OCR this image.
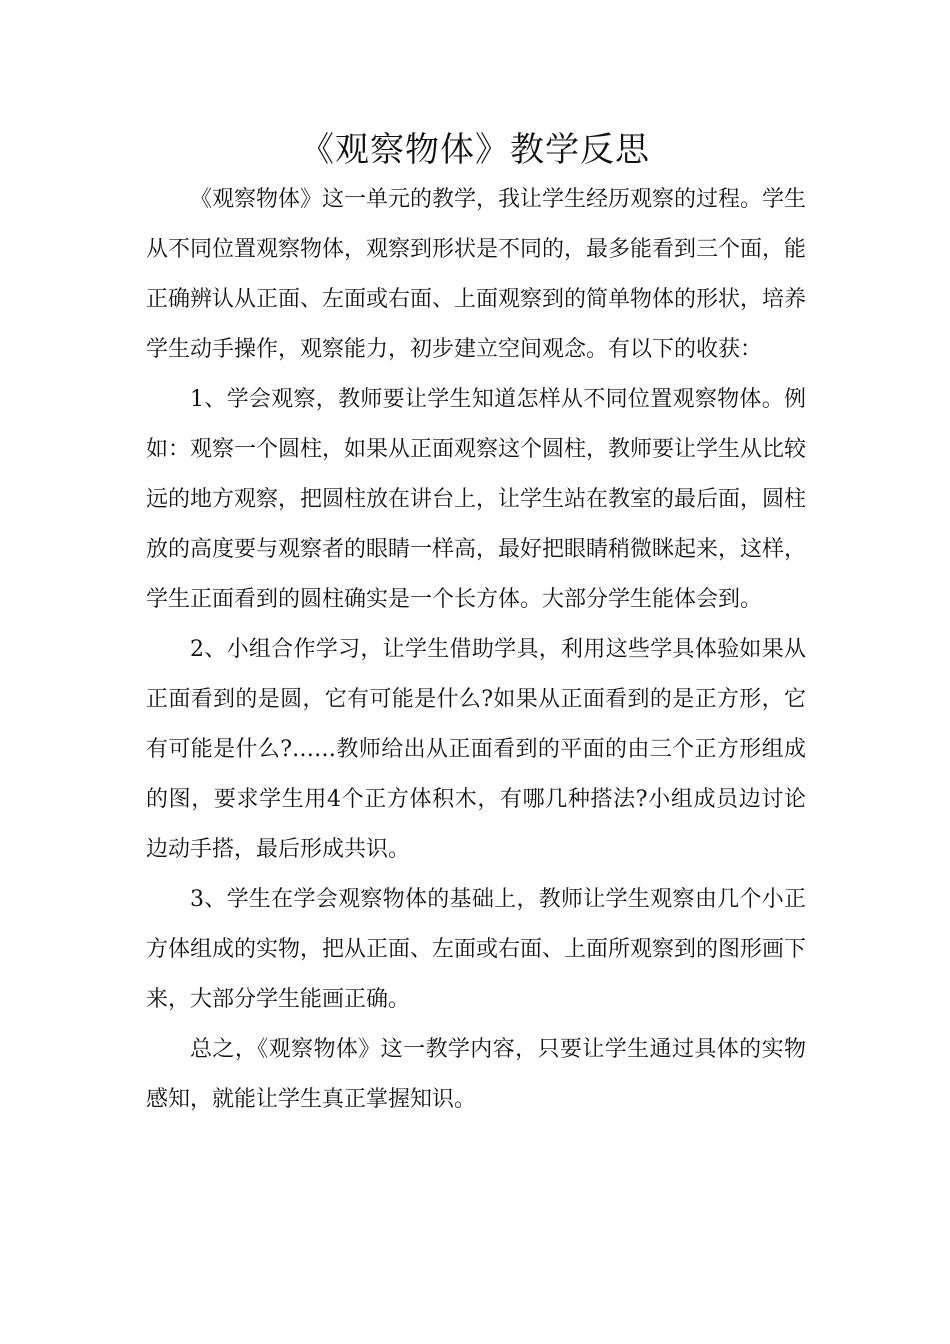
《观察物体》教学反思

《观察物体》这一单元的教学，我让学生经历观察的过程。学生从不同位置观察物体，观察到形状是不同的，最多能看到三个面，能正确辨认从正面、左面或右面、上面观察到的简单物体的形状，培养学生动手操作，观察能力，初步建立空间观念。有以下的收获：

1、学会观察，教师要让学生知道怎样从不同位置观察物体。例如：观察一个圆柱，如果从正面观察这个圆柱，教师要让学生从比较远的地方观察，把圆柱放在讲台上，让学生站在教室的最后面，圆柱放的高度要与观察者的眼睛一样高，最好把眼睛稍微眯起来，这样，学生正面看到的圆柱确实是一个长方体。大部分学生能体会到。

2、小组合作学习，让学生借助学具，利用这些学具体验如果从正面看到的是圆，它有可能是什么?如果从正面看到的是正方形，它有可能是什么?……教师给出从正面看到的平面的由三个正方形组成的图，要求学生用4个正方体积木，有哪几种搭法?小组成员边讨论边动手搭，最后形成共识。

3、学生在学会观察物体的基础上，教师让学生观察由几个小正方体组成的实物，把从正面、左面或右面、上面所观察到的图形画下来，大部分学生能画正确。

总之，《观察物体》这一教学内容，只要让学生通过具体的实物感知，就能让学生真正掌握知识。
